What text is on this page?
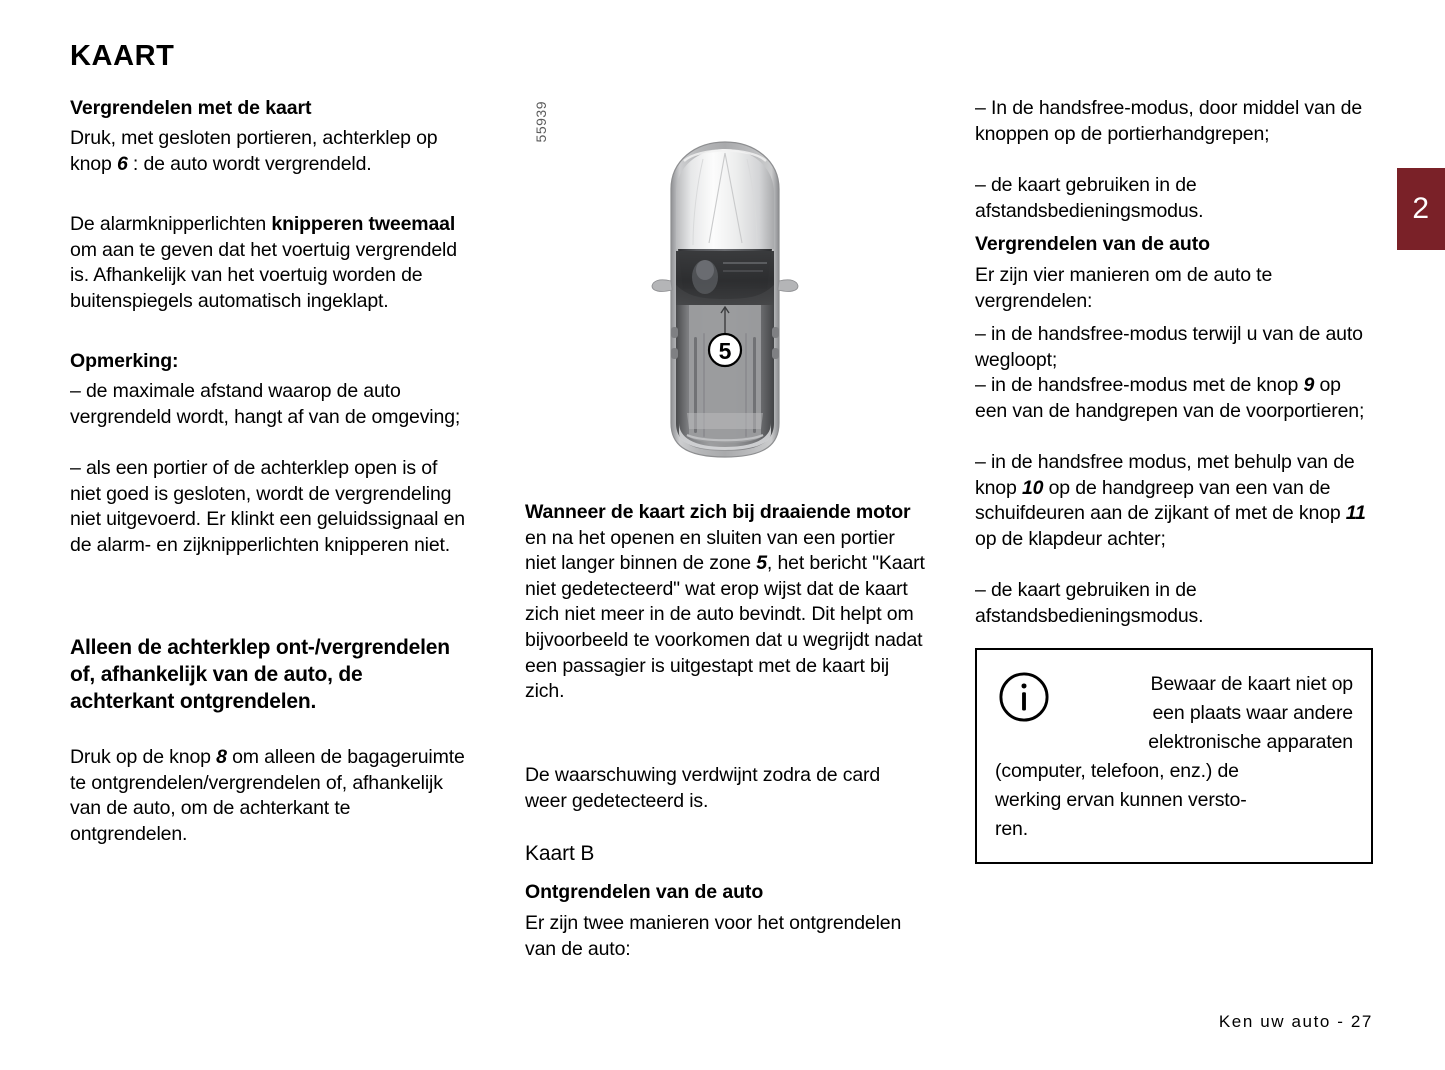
KAART
2
Vergrendelen met de kaart

Druk, met gesloten portieren, achterklep op knop 6 : de auto wordt vergrendeld.

De alarmknipperlichten knipperen tweemaal om aan te geven dat het voertuig vergrendeld is. Afhankelijk van het voertuig worden de buitenspiegels automatisch ingeklapt.

Opmerking:

– de maximale afstand waarop de auto vergrendeld wordt, hangt af van de omgeving;

– als een portier of de achterklep open is of niet goed is gesloten, wordt de vergrendeling niet uitgevoerd. Er klinkt een geluidssignaal en de alarm- en zijknipperlichten knipperen niet.

Alleen de achterklep ont-/vergrendelen of, afhankelijk van de auto, de achterkant ontgrendelen.

Druk op de knop 8 om alleen de bagageruimte te ontgrendelen/vergrendelen of, afhankelijk van de auto, om de achterkant te ontgrendelen.

55939
5

Wanneer de kaart zich bij draaiende motor en na het openen en sluiten van een portier niet langer binnen de zone 5, het bericht "Kaart niet gedetecteerd" wat erop wijst dat de kaart zich niet meer in de auto bevindt. Dit helpt om bijvoorbeeld te voorkomen dat u wegrijdt nadat een passagier is uitgestapt met de kaart bij zich.

De waarschuwing verdwijnt zodra de card weer gedetecteerd is.

Kaart B
Ontgrendelen van de auto

Er zijn twee manieren voor het ontgrendelen van de auto:

– In de handsfree-modus, door middel van de knoppen op de portierhandgrepen;

– de kaart gebruiken in de afstandsbedieningsmodus.

Vergrendelen van de auto

Er zijn vier manieren om de auto te vergrendelen:

– in de handsfree-modus terwijl u van de auto wegloopt;

– in de handsfree-modus met de knop 9 op een van de handgrepen van de voorportieren;

– in de handsfree modus, met behulp van de knop 10 op de handgreep van een van de schuifdeuren aan de zijkant of met de knop 11 op de klapdeur achter;

– de kaart gebruiken in de afstandsbedieningsmodus.

Bewaar de kaart niet op
een plaats waar andere
elektronische apparaten

(computer, telefoon, enz.) de
werking ervan kunnen versto-
ren.
Ken uw auto - 27
